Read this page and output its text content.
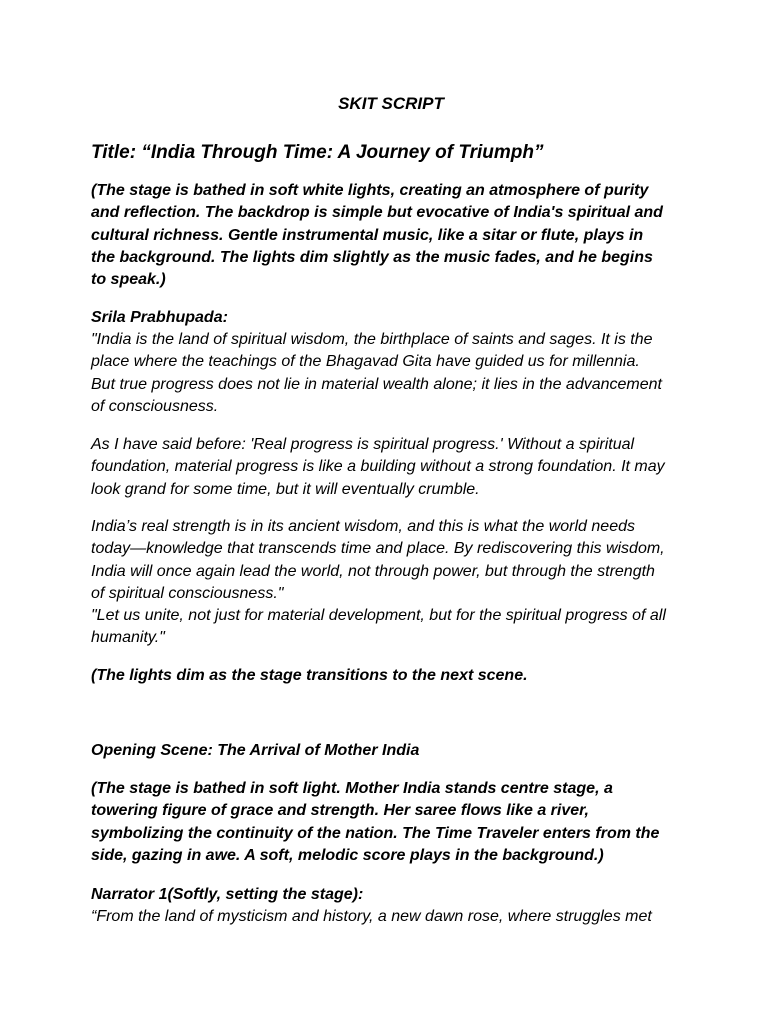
SKIT SCRIPT
Title: “India Through Time: A Journey of Triumph”

(The stage is bathed in soft white lights, creating an atmosphere of purity
and reflection. The backdrop is simple but evocative of India's spiritual and
cultural richness. Gentle instrumental music, like a sitar or flute, plays in
the background. The lights dim slightly as the music fades, and he begins
to speak.)

Srila Prabhupada:

"India is the land of spiritual wisdom, the birthplace of saints and sages. It is the
place where the teachings of the Bhagavad Gita have guided us for millennia.
But true progress does not lie in material wealth alone; it lies in the advancement
of consciousness.

As I have said before: 'Real progress is spiritual progress.' Without a spiritual
foundation, material progress is like a building without a strong foundation. It may
look grand for some time, but it will eventually crumble.

India’s real strength is in its ancient wisdom, and this is what the world needs
today—knowledge that transcends time and place. By rediscovering this wisdom,
India will once again lead the world, not through power, but through the strength
of spiritual consciousness."
"Let us unite, not just for material development, but for the spiritual progress of all
humanity."

(The lights dim as the stage transitions to the next scene.

Opening Scene: The Arrival of Mother India

(The stage is bathed in soft light. Mother India stands centre stage, a
towering figure of grace and strength. Her saree flows like a river,
symbolizing the continuity of the nation. The Time Traveler enters from the
side, gazing in awe. A soft, melodic score plays in the background.)

Narrator 1(Softly, setting the stage):

“From the land of mysticism and history, a new dawn rose, where struggles met
